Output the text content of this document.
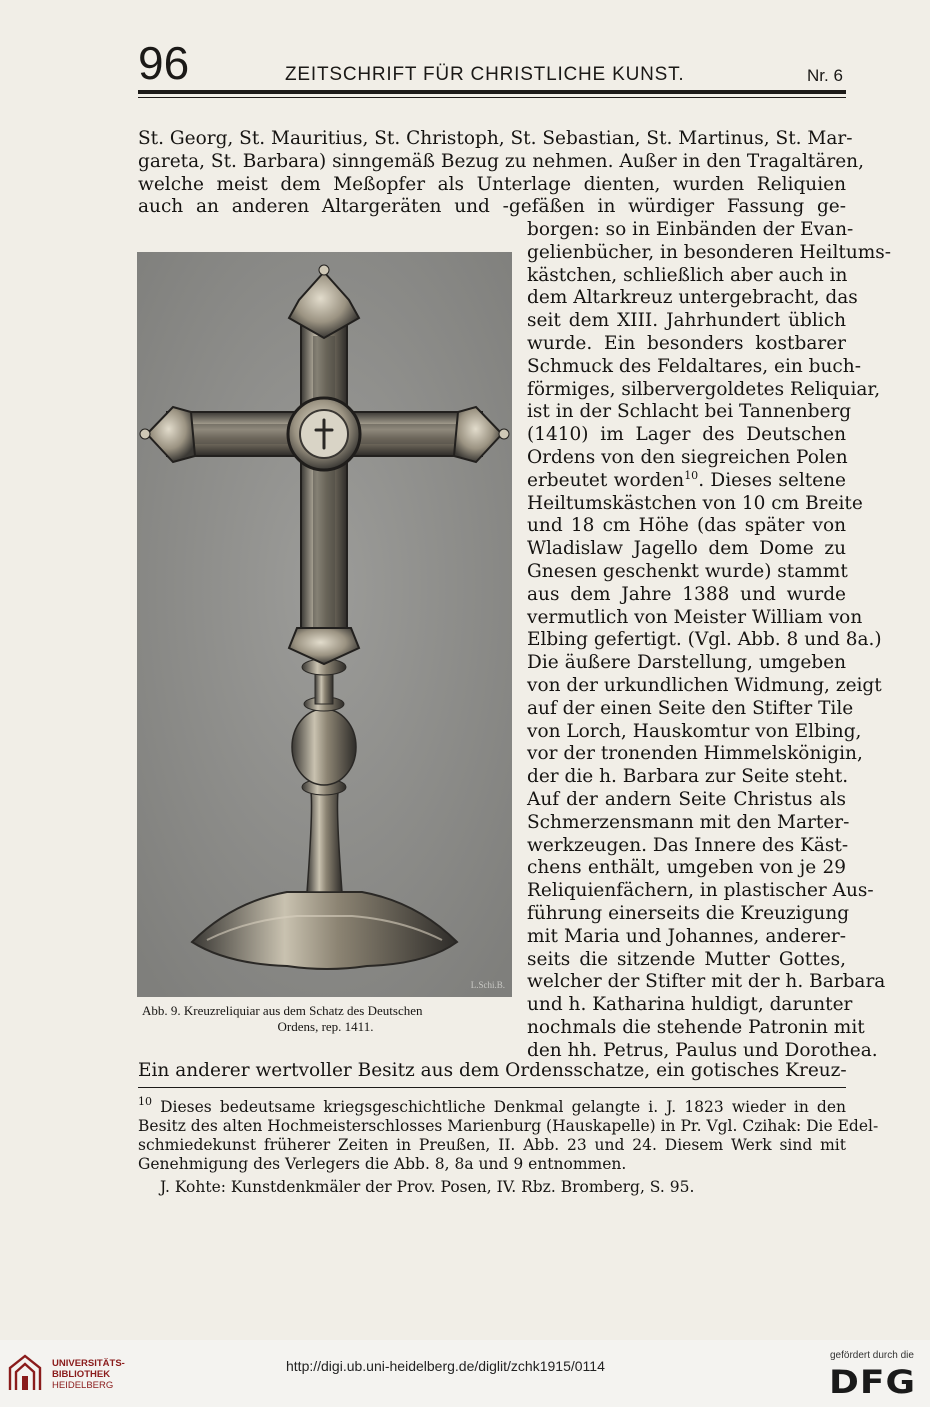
96	ZEITSCHRIFT FÜR CHRISTLICHE KUNST.	Nr. 6
St. Georg, St. Mauritius, St. Christoph, St. Sebastian, St. Martinus, St. Mar-
gareta, St. Barbara) sinngemäß Bezug zu nehmen. Außer in den Tragaltären,
welche meist dem Meßopfer als Unterlage dienten, wurden Reliquien
auch an anderen Altargeräten und -gefäßen in würdiger Fassung ge-
borgen: so in Einbänden der Evan-
gelienbücher, in besonderen Heiltums-
kästchen, schließlich aber auch in
dem Altarkreuz untergebracht, das
seit dem XIII. Jahrhundert üblich
wurde. Ein besonders kostbarer
Schmuck des Feldaltares, ein buch-
förmiges, silbervergoldetes Reliquiar,
ist in der Schlacht bei Tannenberg
(1410) im Lager des Deutschen
Ordens von den siegreichen Polen
erbeutet worden$^{10}$. Dieses seltene
Heiltumskästchen von 10 cm Breite
und 18 cm Höhe (das später von
Wladislaw Jagello dem Dome zu
Gnesen geschenkt wurde) stammt
aus dem Jahre 1388 und wurde
vermutlich von Meister William von
Elbing gefertigt. (Vgl. Abb. 8 und 8a.)
Die äußere Darstellung, umgeben
von der urkundlichen Widmung, zeigt
auf der einen Seite den Stifter Tile
von Lorch, Hauskomtur von Elbing,
vor der tronenden Himmelskönigin,
der die h. Barbara zur Seite steht.
Auf der andern Seite Christus als
Schmerzensmann mit den Marter-
werkzeugen. Das Innere des Käst-
chens enthält, umgeben von je 29
Reliquienfächern, in plastischer Aus-
führung einerseits die Kreuzigung
mit Maria und Johannes, anderer-
seits die sitzende Mutter Gottes,
welcher der Stifter mit der h. Barbara
und h. Katharina huldigt, darunter
nochmals die stehende Patronin mit
den hh. Petrus, Paulus und Dorothea.
L.Schi.B.
Abb. 9. Kreuzreliquiar aus dem Schatz des Deutschen
Ordens, rep. 1411.
Ein anderer wertvoller Besitz aus dem Ordensschatze, ein gotisches Kreuz-
$^{10}$ Dieses bedeutsame kriegsgeschichtliche Denkmal gelangte i. J. 1823 wieder in den
Besitz des alten Hochmeisterschlosses Marienburg (Hauskapelle) in Pr. Vgl. Czihak: Die Edel-
schmiedekunst früherer Zeiten in Preußen, II. Abb. 23 und 24. Diesem Werk sind mit
Genehmigung des Verlegers die Abb. 8, 8a und 9 entnommen.
J. Kohte: Kunstdenkmäler der Prov. Posen, IV. Rbz. Bromberg, S. 95.
UNIVERSITÄTS-
BIBLIOTHEK
HEIDELBERG
http://digi.ub.uni-heidelberg.de/diglit/zchk1915/0114
gefördert durch die
DFG
